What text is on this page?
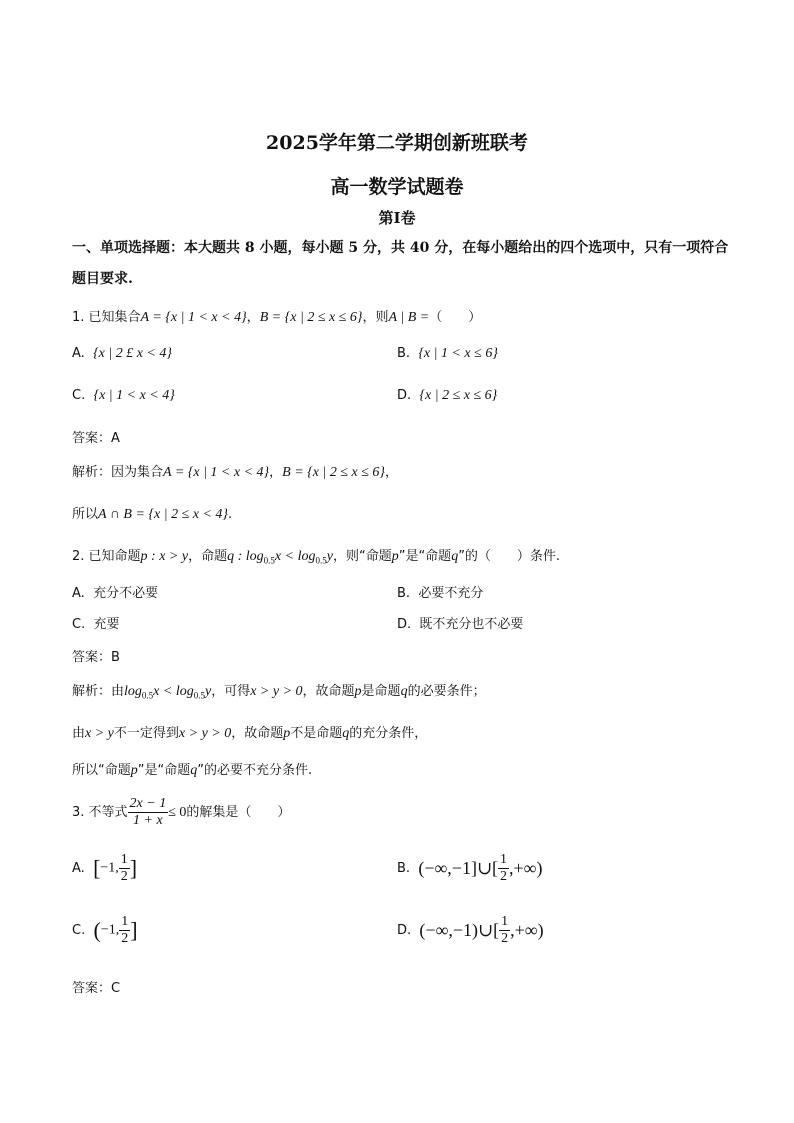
2025学年第二学期创新班联考
高一数学试题卷
第Ⅰ卷
一、单项选择题：本大题共 8 小题，每小题 5 分，共 40 分，在每小题给出的四个选项中，只有一项符合题目要求.
1. 已知集合A = {x | 1 < x < 4}，B = {x | 2 ≤ x ≤ 6}，则A | B =（　　）
A. {x | 2 £ x < 4}	B. {x | 1 < x ≤ 6}
C. {x | 1 < x < 4}	D. {x | 2 ≤ x ≤ 6}
答案：A
解析：因为集合A = {x | 1 < x < 4}，B = {x | 2 ≤ x ≤ 6}，
所以A ∩ B = {x | 2 ≤ x < 4}.
2. 已知命题p : x > y，命题q : $\log_{0.5}x < \log_{0.5}y$，则“命题p”是“命题q”的（　　）条件.
A. 充分不必要	B. 必要不充分
C. 充要	D. 既不充分也不必要
答案：B
解析：由$\log_{0.5}x < \log_{0.5}y$，可得x > y > 0，故命题p是命题q的必要条件；
由x > y不一定得到x > y > 0，故命题p不是命题q的充分条件，
所以“命题p”是“命题q”的必要不充分条件.
3. 不等式 $\frac{2x - 1}{1 + x} \le 0$的解集是（　　）
A. [−1, $\frac{1}{2}$ ]	B. (−∞,−1]∪[ $\frac{1}{2}$ ,+∞)
C. (−1, $\frac{1}{2}$ ]	D. (−∞,−1)∪[ $\frac{1}{2}$ ,+∞)
答案：C
